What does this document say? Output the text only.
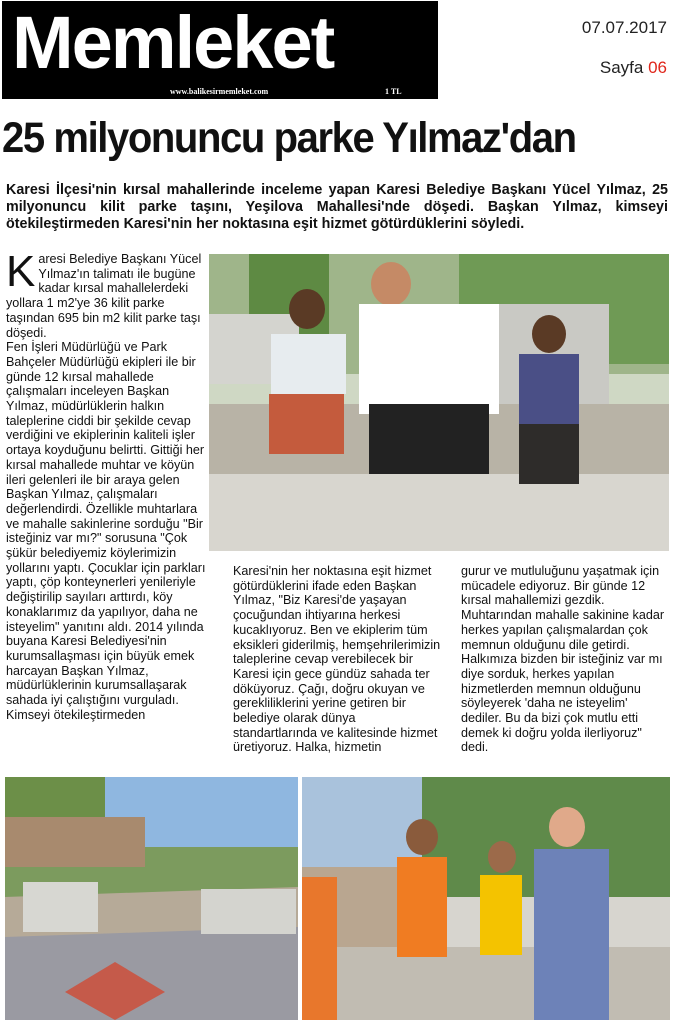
Memleket
www.balikesirmemleket.com	1 TL
07.07.2017
Sayfa 06
25 milyonuncu parke Yılmaz'dan
Karesi İlçesi'nin kırsal mahallerinde inceleme yapan Karesi Belediye Başkanı Yücel Yılmaz, 25 milyonuncu kilit parke taşını, Yeşilova Mahallesi'nde döşedi. Başkan Yılmaz, kimseyi ötekileştirmeden Karesi'nin her noktasına eşit hizmet götürdüklerini söyledi.

Karesi Belediye Başkanı Yücel Yılmaz'ın talimatı ile bugüne kadar kırsal mahallelerdeki yollara 1 m2'ye 36 kilit parke taşından 695 bin m2 kilit parke taşı döşedi.

Fen İşleri Müdürlüğü ve Park Bahçeler Müdürlüğü ekipleri ile bir günde 12 kırsal mahallede çalışmaları inceleyen Başkan Yılmaz, müdürlüklerin halkın taleplerine ciddi bir şekilde cevap verdiğini ve ekiplerinin kaliteli işler ortaya koyduğunu belirtti. Gittiği her kırsal mahallede muhtar ve köyün ileri gelenleri ile bir araya gelen Başkan Yılmaz, çalışmaları değerlendirdi. Özellikle muhtarlara ve mahalle sakinlerine sorduğu "Bir isteğiniz var mı?" sorusuna "Çok şükür belediyemiz köylerimizin yollarını yaptı. Çocuklar için parkları yaptı, çöp konteynerleri yenileriyle değiştirilip sayıları arttırdı, köy konaklarımız da yapılıyor, daha ne isteyelim" yanıtını aldı. 2014 yılında buyana Karesi Belediyesi'nin kurumsallaşması için büyük emek harcayan Başkan Yılmaz, müdürlüklerinin kurumsallaşarak sahada iyi çalıştığını vurguladı.

Kimseyi ötekileştirmeden

Karesi'nin her noktasına eşit hizmet götürdüklerini ifade eden Başkan Yılmaz, "Biz Karesi'de yaşayan çocuğundan ihtiyarına herkesi kucaklıyoruz. Ben ve ekiplerim tüm eksikleri giderilmiş, hemşehrilerimizin taleplerine cevap verebilecek bir Karesi için gece gündüz sahada ter döküyoruz. Çağı, doğru okuyan ve gerekliliklerini yerine getiren bir belediye olarak dünya standartlarında ve kalitesinde hizmet üretiyoruz. Halka, hizmetin

gurur ve mutluluğunu yaşatmak için mücadele ediyoruz. Bir günde 12 kırsal mahallemizi gezdik. Muhtarından mahalle sakinine kadar herkes yapılan çalışmalardan çok memnun olduğunu dile getirdi. Halkımıza bizden bir isteğiniz var mı diye sorduk, herkes yapılan hizmetlerden memnun olduğunu söyleyerek 'daha ne isteyelim' dediler. Bu da bizi çok mutlu etti demek ki doğru yolda ilerliyoruz" dedi.
